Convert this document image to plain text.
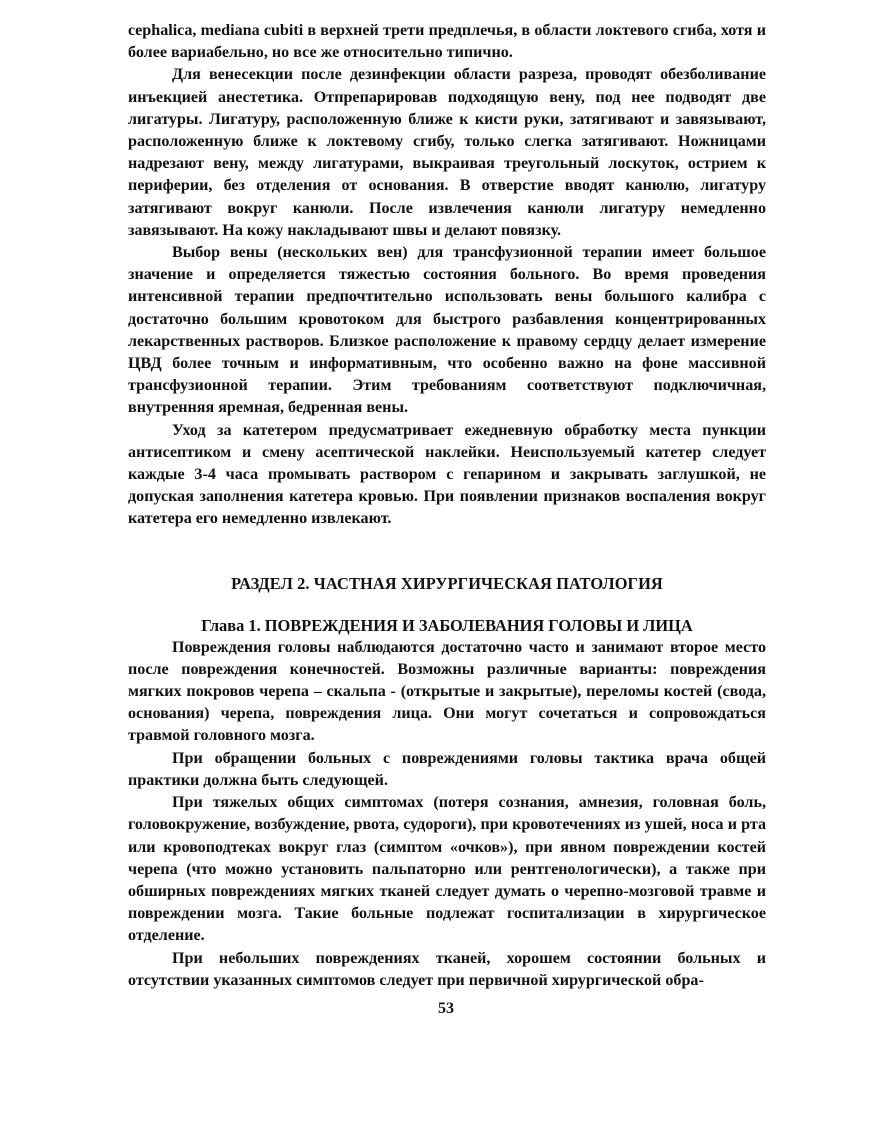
cephalica, mediana cubiti в верхней трети предплечья, в области локтевого сгиба, хотя и более вариабельно, но все же относительно типично.

Для венесекции после дезинфекции области разреза, проводят обезболивание инъекцией анестетика. Отпрепарировав подходящую вену, под нее подводят две лигатуры. Лигатуру, расположенную ближе к кисти руки, затягивают и завязывают, расположенную ближе к локтевому сгибу, только слегка затягивают. Ножницами надрезают вену, между лигатурами, выкраивая треугольный лоскуток, острием к периферии, без отделения от основания. В отверстие вводят канюлю, лигатуру затягивают вокруг канюли. После извлечения канюли лигатуру немедленно завязывают. На кожу накладывают швы и делают повязку.

Выбор вены (нескольких вен) для трансфузионной терапии имеет большое значение и определяется тяжестью состояния больного. Во время проведения интенсивной терапии предпочтительно использовать вены большого калибра с достаточно большим кровотоком для быстрого разбавления концентрированных лекарственных растворов. Близкое расположение к правому сердцу делает измерение ЦВД более точным и информативным, что особенно важно на фоне массивной трансфузионной терапии. Этим требованиям соответствуют подключичная, внутренняя яремная, бедренная вены.

Уход за катетером предусматривает ежедневную обработку места пункции антисептиком и смену асептической наклейки. Неиспользуемый катетер следует каждые 3-4 часа промывать раствором с гепарином и закрывать заглушкой, не допуская заполнения катетера кровью. При появлении признаков воспаления вокруг катетера его немедленно извлекают.

РАЗДЕЛ 2. ЧАСТНАЯ ХИРУРГИЧЕСКАЯ ПАТОЛОГИЯ
Глава 1. ПОВРЕЖДЕНИЯ И ЗАБОЛЕВАНИЯ ГОЛОВЫ И ЛИЦА

Повреждения головы наблюдаются достаточно часто и занимают второе место после повреждения конечностей. Возможны различные варианты: повреждения мягких покровов черепа – скальпа - (открытые и закрытые), переломы костей (свода, основания) черепа, повреждения лица. Они могут сочетаться и сопровождаться травмой головного мозга.

При обращении больных с повреждениями головы тактика врача общей практики должна быть следующей.

При тяжелых общих симптомах (потеря сознания, амнезия, головная боль, головокружение, возбуждение, рвота, судороги), при кровотечениях из ушей, носа и рта или кровоподтеках вокруг глаз (симптом «очков»), при явном повреждении костей черепа (что можно установить пальпаторно или рентгенологически), а также при обширных повреждениях мягких тканей следует думать о черепно-мозговой травме и повреждении мозга. Такие больные подлежат госпитализации в хирургическое отделение.

При небольших повреждениях тканей, хорошем состоянии больных и отсутствии указанных симптомов следует при первичной хирургической обра-

53
